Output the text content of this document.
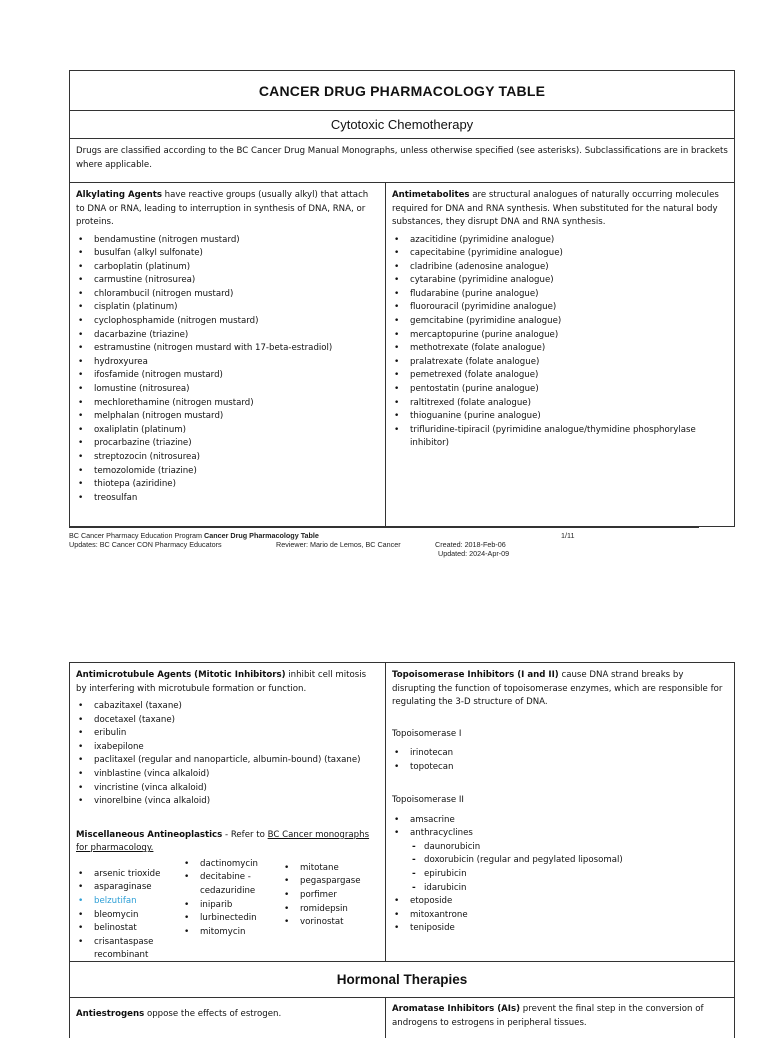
CANCER DRUG PHARMACOLOGY TABLE
Cytotoxic Chemotherapy
Drugs are classified according to the BC Cancer Drug Manual Monographs, unless otherwise specified (see asterisks). Subclassifications are in brackets where applicable.

Alkylating Agents have reactive groups (usually alkyl) that attach to DNA or RNA, leading to interruption in synthesis of DNA, RNA, or proteins.

• bendamustine (nitrogen mustard)
• busulfan (alkyl sulfonate)
• carboplatin (platinum)
• carmustine (nitrosurea)
• chlorambucil (nitrogen mustard)
• cisplatin (platinum)
• cyclophosphamide (nitrogen mustard)
• dacarbazine (triazine)
• estramustine (nitrogen mustard with 17-beta-estradiol)
• hydroxyurea
• ifosfamide (nitrogen mustard)
• lomustine (nitrosurea)
• mechlorethamine (nitrogen mustard)
• melphalan (nitrogen mustard)
• oxaliplatin (platinum)
• procarbazine (triazine)
• streptozocin (nitrosurea)
• temozolomide (triazine)
• thiotepa (aziridine)
• treosulfan

Antimetabolites are structural analogues of naturally occurring molecules required for DNA and RNA synthesis. When substituted for the natural body substances, they disrupt DNA and RNA synthesis.

• azacitidine (pyrimidine analogue)
• capecitabine (pyrimidine analogue)
• cladribine (adenosine analogue)
• cytarabine (pyrimidine analogue)
• fludarabine (purine analogue)
• fluorouracil (pyrimidine analogue)
• gemcitabine (pyrimidine analogue)
• mercaptopurine (purine analogue)
• methotrexate (folate analogue)
• pralatrexate (folate analogue)
• pemetrexed (folate analogue)
• pentostatin (purine analogue)
• raltitrexed (folate analogue)
• thioguanine (purine analogue)
• trifluridine-tipiracil (pyrimidine analogue/thymidine phosphorylase inhibitor)
BC Cancer Pharmacy Education Program Cancer Drug Pharmacology Table	1/11
Updates: BC Cancer CON Pharmacy Educators	Reviewer: Mario de Lemos, BC Cancer	Created: 2018-Feb-06
Updated: 2024-Apr-09

Antimicrotubule Agents (Mitotic Inhibitors) inhibit cell mitosis by interfering with microtubule formation or function.

• cabazitaxel (taxane)
• docetaxel (taxane)
• eribulin
• ixabepilone
• paclitaxel (regular and nanoparticle, albumin-bound) (taxane)
• vinblastine (vinca alkaloid)
• vincristine (vinca alkaloid)
• vinorelbine (vinca alkaloid)

Miscellaneous Antineoplastics - Refer to BC Cancer monographs for pharmacology.

• arsenic trioxide
• asparaginase
• belzutifan
• bleomycin
• belinostat
• crisantaspase recombinant
• dactinomycin
• decitabine - cedazuridine
• iniparib
• lurbinectedin
• mitomycin
• mitotane
• pegaspargase
• porfimer
• romidepsin
• vorinostat

Topoisomerase Inhibitors (I and II) cause DNA strand breaks by disrupting the function of topoisomerase enzymes, which are responsible for regulating the 3-D structure of DNA.

Topoisomerase I

• irinotecan
• topotecan

Topoisomerase II

• amsacrine
• anthracyclines
- daunorubicin
- doxorubicin (regular and pegylated liposomal)
- epirubicin
- idarubicin
• etoposide
• mitoxantrone
• teniposide
Hormonal Therapies

Antiestrogens oppose the effects of estrogen.	Aromatase Inhibitors (AIs) prevent the final step in the conversion of androgens to estrogens in peripheral tissues.
